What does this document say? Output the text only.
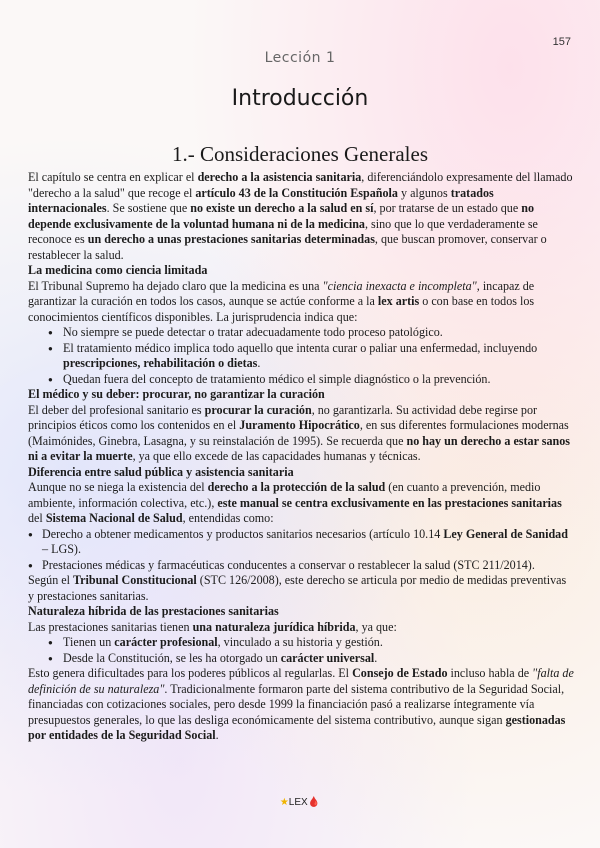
157
Lección 1
Introducción
1.- Consideraciones Generales

El capítulo se centra en explicar el derecho a la asistencia sanitaria, diferenciándolo expresamente del llamado "derecho a la salud" que recoge el artículo 43 de la Constitución Española y algunos tratados internacionales. Se sostiene que no existe un derecho a la salud en sí, por tratarse de un estado que no depende exclusivamente de la voluntad humana ni de la medicina, sino que lo que verdaderamente se reconoce es un derecho a unas prestaciones sanitarias determinadas, que buscan promover, conservar o restablecer la salud.

La medicina como ciencia limitada

El Tribunal Supremo ha dejado claro que la medicina es una "ciencia inexacta e incompleta", incapaz de garantizar la curación en todos los casos, aunque se actúe conforme a la lex artis o con base en todos los conocimientos científicos disponibles. La jurisprudencia indica que:

● No siempre se puede detectar o tratar adecuadamente todo proceso patológico.
● El tratamiento médico implica todo aquello que intenta curar o paliar una enfermedad, incluyendo prescripciones, rehabilitación o dietas.
● Quedan fuera del concepto de tratamiento médico el simple diagnóstico o la prevención.

El médico y su deber: procurar, no garantizar la curación

El deber del profesional sanitario es procurar la curación, no garantizarla. Su actividad debe regirse por principios éticos como los contenidos en el Juramento Hipocrático, en sus diferentes formulaciones modernas (Maimónides, Ginebra, Lasagna, y su reinstalación de 1995). Se recuerda que no hay un derecho a estar sanos ni a evitar la muerte, ya que ello excede de las capacidades humanas y técnicas.

Diferencia entre salud pública y asistencia sanitaria

Aunque no se niega la existencia del derecho a la protección de la salud (en cuanto a prevención, medio ambiente, información colectiva, etc.), este manual se centra exclusivamente en las prestaciones sanitarias del Sistema Nacional de Salud, entendidas como:

● Derecho a obtener medicamentos y productos sanitarios necesarios (artículo 10.14 Ley General de Sanidad – LGS).
● Prestaciones médicas y farmacéuticas conducentes a conservar o restablecer la salud (STC 211/2014).

Según el Tribunal Constitucional (STC 126/2008), este derecho se articula por medio de medidas preventivas y prestaciones sanitarias.

Naturaleza híbrida de las prestaciones sanitarias

Las prestaciones sanitarias tienen una naturaleza jurídica híbrida, ya que:

● Tienen un carácter profesional, vinculado a su historia y gestión.
● Desde la Constitución, se les ha otorgado un carácter universal.

Esto genera dificultades para los poderes públicos al regularlas. El Consejo de Estado incluso habla de "falta de definición de su naturaleza". Tradicionalmente formaron parte del sistema contributivo de la Seguridad Social, financiadas con cotizaciones sociales, pero desde 1999 la financiación pasó a realizarse íntegramente vía presupuestos generales, lo que las desliga económicamente del sistema contributivo, aunque sigan gestionadas por entidades de la Seguridad Social.

★LEX🩸
